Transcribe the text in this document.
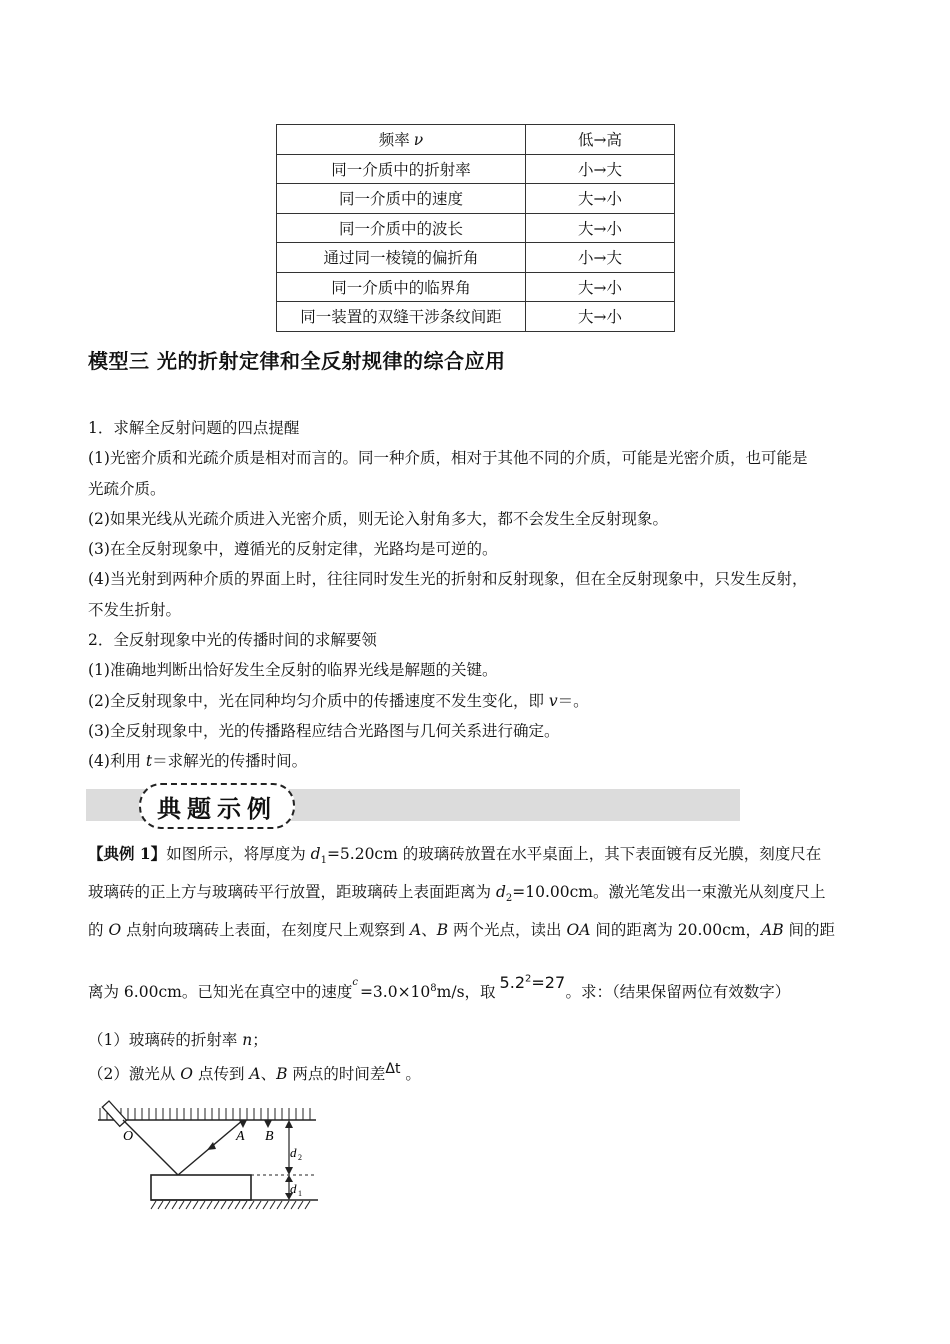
频率 ν	低→高
同一介质中的折射率	小→大
同一介质中的速度	大→小
同一介质中的波长	大→小
通过同一棱镜的偏折角	小→大
同一介质中的临界角	大→小
同一装置的双缝干涉条纹间距	大→小
模型三 光的折射定律和全反射规律的综合应用
1．求解全反射问题的四点提醒
(1)光密介质和光疏介质是相对而言的。同一种介质，相对于其他不同的介质，可能是光密介质，也可能是
光疏介质。
(2)如果光线从光疏介质进入光密介质，则无论入射角多大，都不会发生全反射现象。
(3)在全反射现象中，遵循光的反射定律，光路均是可逆的。
(4)当光射到两种介质的界面上时，往往同时发生光的折射和反射现象，但在全反射现象中，只发生反射，
不发生折射。
2．全反射现象中光的传播时间的求解要领
(1)准确地判断出恰好发生全反射的临界光线是解题的关键。
(2)全反射现象中，光在同种均匀介质中的传播速度不发生变化，即 v＝。
(3)全反射现象中，光的传播路程应结合光路图与几何关系进行确定。
(4)利用 t＝求解光的传播时间。
典题示例
【典例 1】如图所示，将厚度为 $d_1=5.20cm$ 的玻璃砖放置在水平桌面上，其下表面镀有反光膜，刻度尺在
玻璃砖的正上方与玻璃砖平行放置，距玻璃砖上表面距离为 $d_2=10.00cm$。激光笔发出一束激光从刻度尺上
的 O 点射向玻璃砖上表面，在刻度尺上观察到 A、B 两个光点，读出 OA 间的距离为 20.00cm，AB 间的距
离为 6.00cm。已知光在真空中的速度$c=3.0\times 10^8m/s$，取 $5.2^2=27$ 。求：（结果保留两位有效数字）
（1）玻璃砖的折射率 n；
（2）激光从 O 点传到 A、B 两点的时间差Δt 。
O	A B
d 2
d 1
